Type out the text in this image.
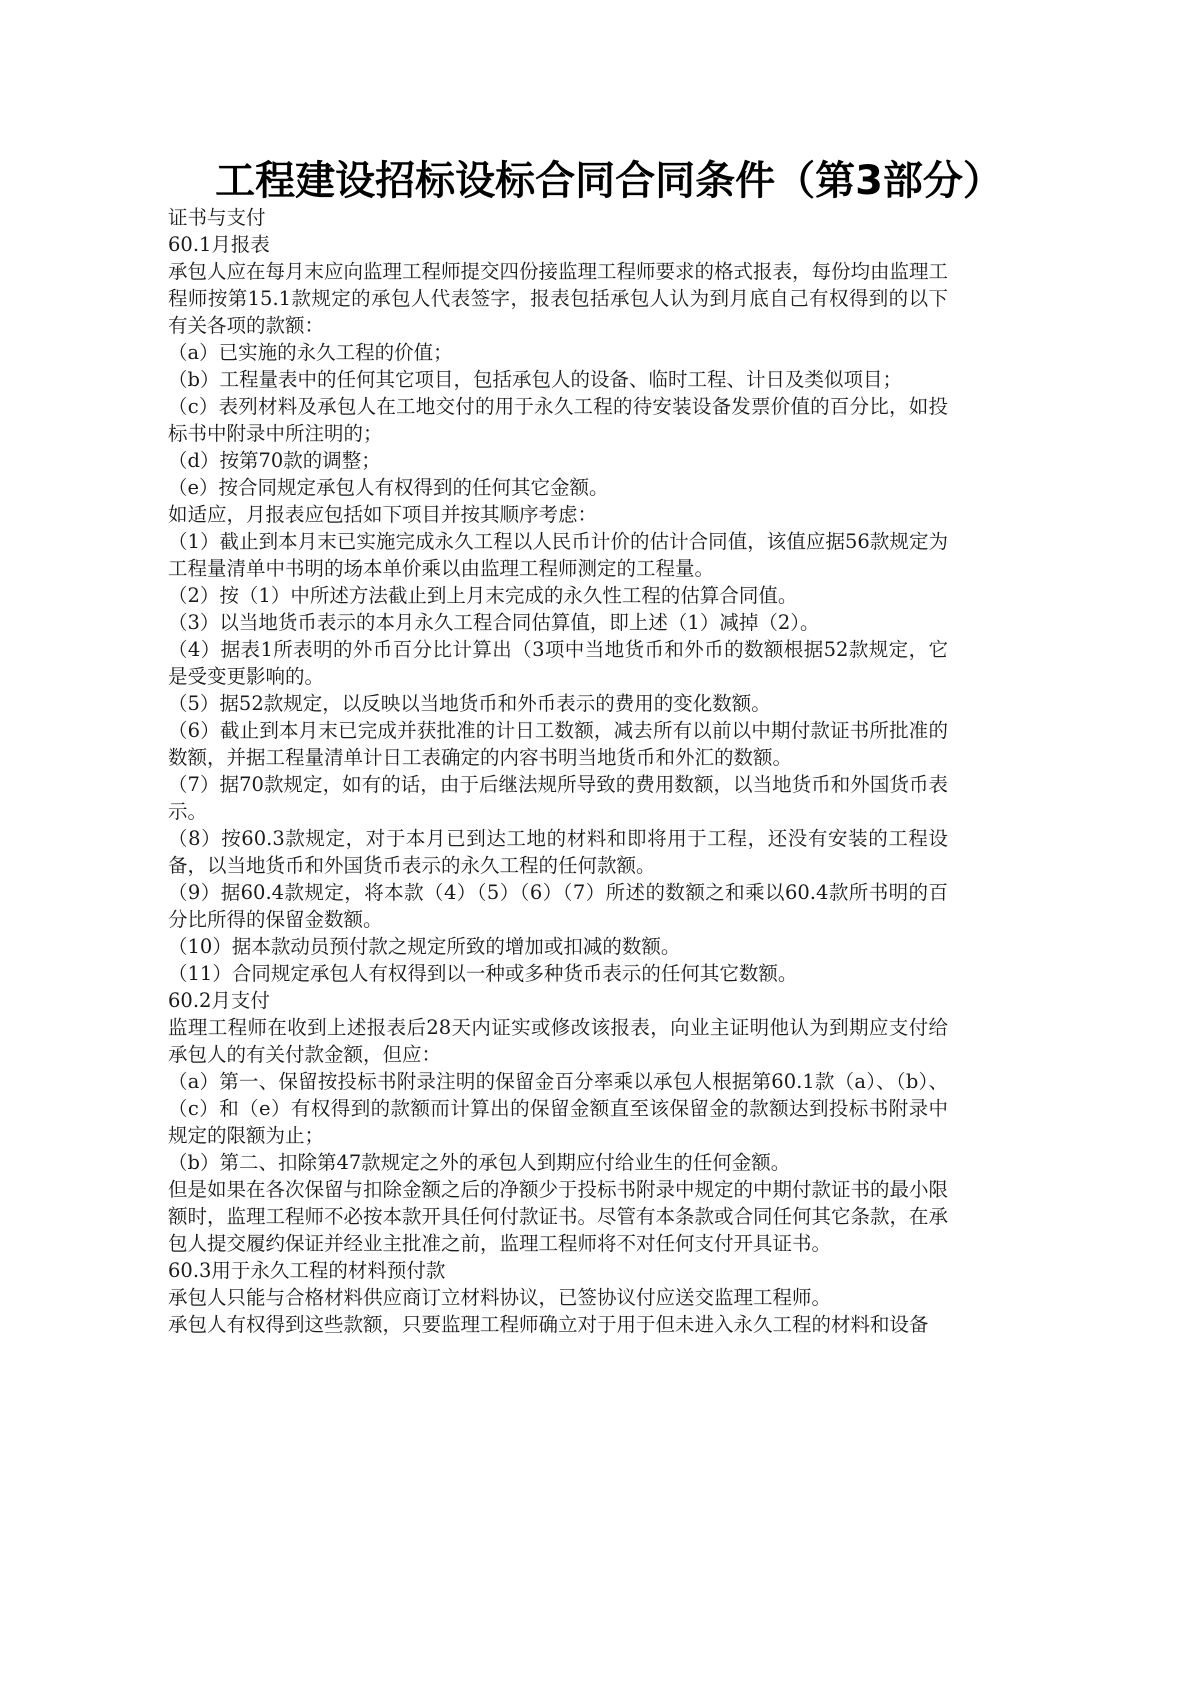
工程建设招标设标合同合同条件（第3部分）

证书与支付

60.1月报表

承包人应在每月末应向监理工程师提交四份接监理工程师要求的格式报表，每份均由监理工程师按第15.1款规定的承包人代表签字，报表包括承包人认为到月底自己有权得到的以下有关各项的款额：

（a）已实施的永久工程的价值；

（b）工程量表中的任何其它项目，包括承包人的设备、临时工程、计日及类似项目；

（c）表列材料及承包人在工地交付的用于永久工程的待安装设备发票价值的百分比，如投标书中附录中所注明的；

（d）按第70款的调整；

（e）按合同规定承包人有权得到的任何其它金额。

如适应，月报表应包括如下项目并按其顺序考虑：

（1）截止到本月末已实施完成永久工程以人民币计价的估计合同值，该值应据56款规定为工程量清单中书明的场本单价乘以由监理工程师测定的工程量。

（2）按（1）中所述方法截止到上月末完成的永久性工程的估算合同值。

（3）以当地货币表示的本月永久工程合同估算值，即上述（1）减掉（2）。

（4）据表1所表明的外币百分比计算出（3项中当地货币和外币的数额根据52款规定，它是受变更影响的。

（5）据52款规定，以反映以当地货币和外币表示的费用的变化数额。

（6）截止到本月末已完成并获批准的计日工数额，减去所有以前以中期付款证书所批准的数额，并据工程量清单计日工表确定的内容书明当地货币和外汇的数额。

（7）据70款规定，如有的话，由于后继法规所导致的费用数额，以当地货币和外国货币表示。

（8）按60.3款规定，对于本月已到达工地的材料和即将用于工程，还没有安装的工程设备，以当地货币和外国货币表示的永久工程的任何款额。

（9）据60.4款规定，将本款（4）（5）（6）（7）所述的数额之和乘以60.4款所书明的百分比所得的保留金数额。

（10）据本款动员预付款之规定所致的增加或扣减的数额。

（11）合同规定承包人有权得到以一种或多种货币表示的任何其它数额。

60.2月支付

监理工程师在收到上述报表后28天内证实或修改该报表，向业主证明他认为到期应支付给承包人的有关付款金额，但应：

（a）第一、保留按投标书附录注明的保留金百分率乘以承包人根据第60.1款（a）、（b）、（c）和（e）有权得到的款额而计算出的保留金额直至该保留金的款额达到投标书附录中规定的限额为止；

（b）第二、扣除第47款规定之外的承包人到期应付给业生的任何金额。

但是如果在各次保留与扣除金额之后的净额少于投标书附录中规定的中期付款证书的最小限额时，监理工程师不必按本款开具任何付款证书。尽管有本条款或合同任何其它条款，在承包人提交履约保证并经业主批准之前，监理工程师将不对任何支付开具证书。

60.3用于永久工程的材料预付款

承包人只能与合格材料供应商订立材料协议，已签协议付应送交监理工程师。

承包人有权得到这些款额，只要监理工程师确立对于用于但未进入永久工程的材料和设备
